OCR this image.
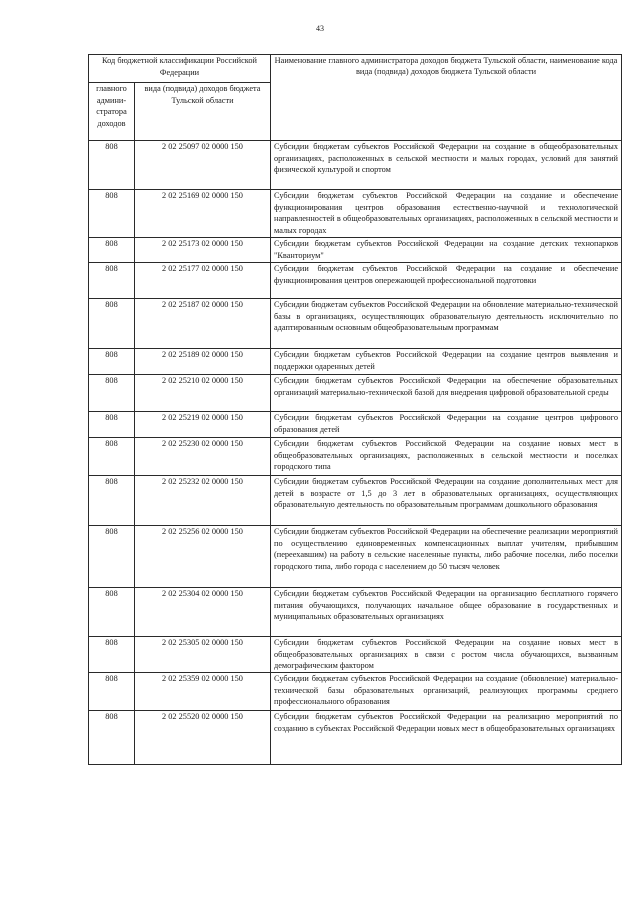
43
Код бюджетной классификации Российской Федерации		Наименование главного администратора доходов бюджета Тульской области, наименование кода вида (подвида) доходов бюджета Тульской области
главного админи-стратора доходов	вида (подвида) доходов бюджета Тульской области	
808	2 02 25097 02 0000 150	Субсидии бюджетам субъектов Российской Федерации на создание в общеобразовательных организациях, расположенных в сельской местности и малых городах, условий для занятий физической культурой и спортом
808	2 02 25169 02 0000 150	Субсидии бюджетам субъектов Российской Федерации на создание и обеспечение функционирования центров образования естественно-научной и технологической направленностей в общеобразовательных организациях, расположенных в сельской местности и малых городах
808	2 02 25173 02 0000 150	Субсидии бюджетам субъектов Российской Федерации на создание детских технопарков "Кванториум"
808	2 02 25177 02 0000 150	Субсидии бюджетам субъектов Российской Федерации на создание и обеспечение функционирования центров опережающей профессиональной подготовки
808	2 02 25187 02 0000 150	Субсидии бюджетам субъектов Российской Федерации на обновление материально-технической базы в организациях, осуществляющих образовательную деятельность исключительно по адаптированным основным общеобразовательным программам
808	2 02 25189 02 0000 150	Субсидии бюджетам субъектов Российской Федерации на создание центров выявления и поддержки одаренных детей
808	2 02 25210 02 0000 150	Субсидии бюджетам субъектов Российской Федерации на обеспечение образовательных организаций материально-технической базой для внедрения цифровой образовательной среды
808	2 02 25219 02 0000 150	Субсидии бюджетам субъектов Российской Федерации на создание центров цифрового образования детей
808	2 02 25230 02 0000 150	Субсидии бюджетам субъектов Российской Федерации на создание новых мест в общеобразовательных организациях, расположенных в сельской местности и поселках городского типа
808	2 02 25232 02 0000 150	Субсидии бюджетам субъектов Российской Федерации на создание дополнительных мест для детей в возрасте от 1,5 до 3 лет в образовательных организациях, осуществляющих образовательную деятельность по образовательным программам дошкольного образования
808	2 02 25256 02 0000 150	Субсидии бюджетам субъектов Российской Федерации на обеспечение реализации мероприятий по осуществлению единовременных компенсационных выплат учителям, прибывшим (переехавшим) на работу в сельские населенные пункты, либо рабочие поселки, либо поселки городского типа, либо города с населением до 50 тысяч человек
808	2 02 25304 02 0000 150	Субсидии бюджетам субъектов Российской Федерации на организацию бесплатного горячего питания обучающихся, получающих начальное общее образование в государственных и муниципальных образовательных организациях
808	2 02 25305 02 0000 150	Субсидии бюджетам субъектов Российской Федерации на создание новых мест в общеобразовательных организациях в связи с ростом числа обучающихся, вызванным демографическим фактором
808	2 02 25359 02 0000 150	Субсидии бюджетам субъектов Российской Федерации на создание (обновление) материально-технической базы образовательных организаций, реализующих программы среднего профессионального образования
808	2 02 25520 02 0000 150	Субсидии бюджетам субъектов Российской Федерации на реализацию мероприятий по созданию в субъектах Российской Федерации новых мест в общеобразовательных организациях
